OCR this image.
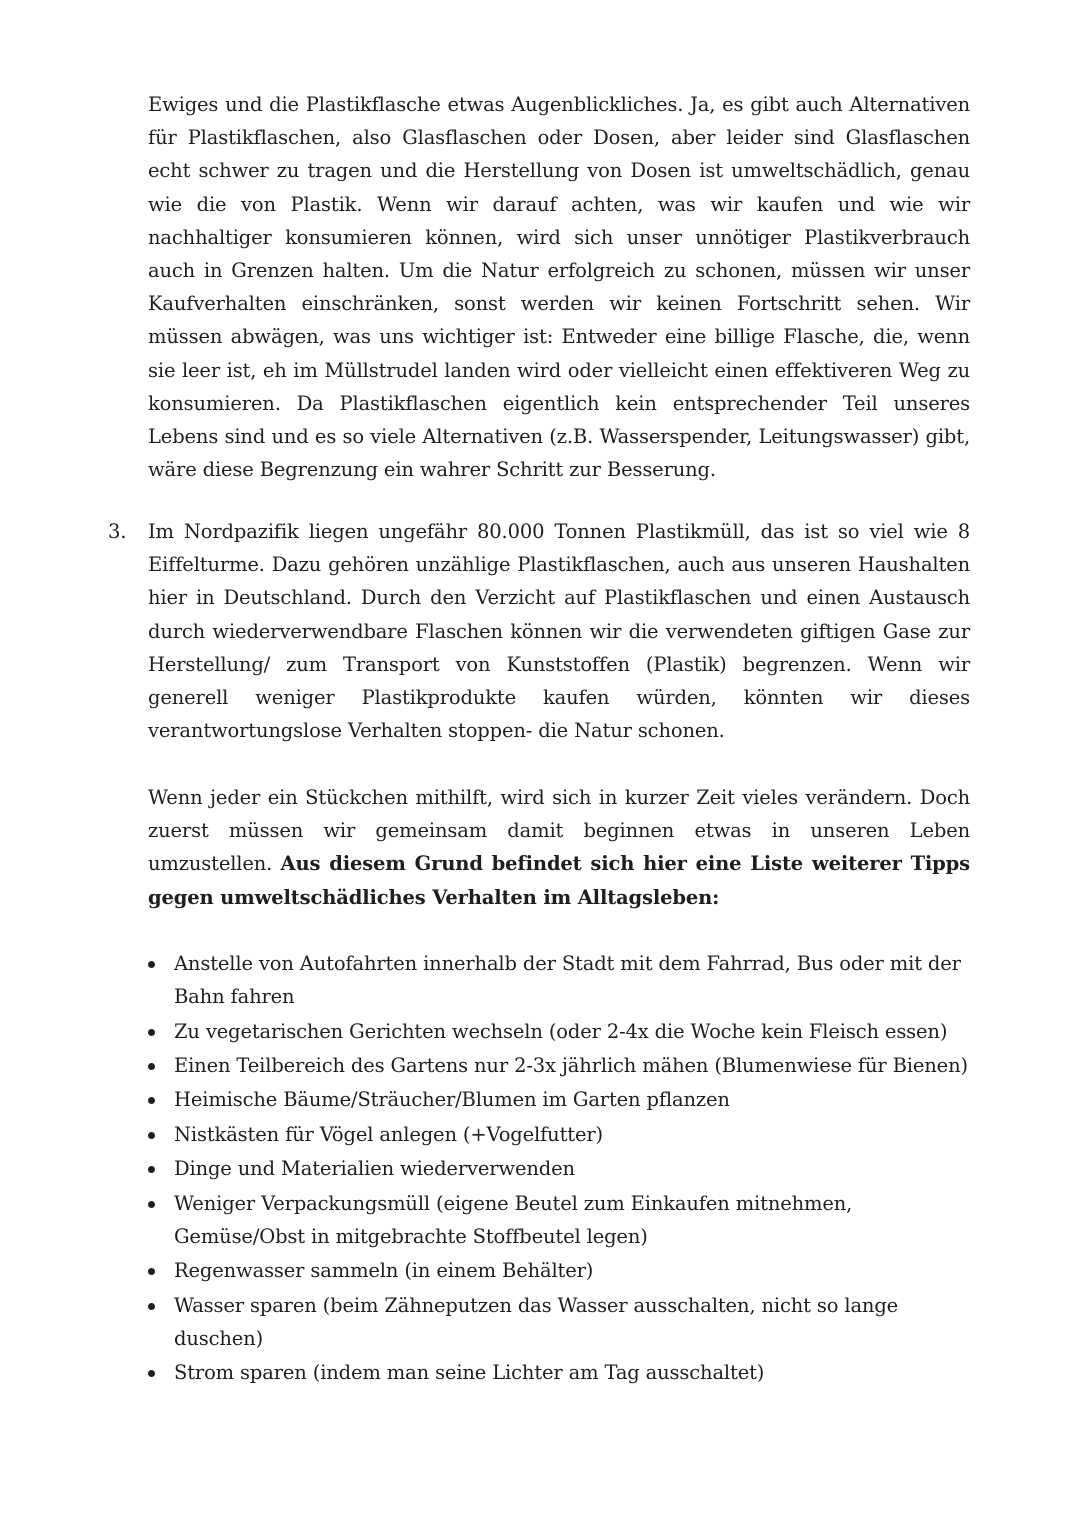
Ewiges und die Plastikflasche etwas Augenblickliches. Ja, es gibt auch Alternativen für Plastikflaschen, also Glasflaschen oder Dosen, aber leider sind Glasflaschen echt schwer zu tragen und die Herstellung von Dosen ist umweltschädlich, genau wie die von Plastik. Wenn wir darauf achten, was wir kaufen und wie wir nachhaltiger konsumieren können, wird sich unser unnötiger Plastikverbrauch auch in Grenzen halten. Um die Natur erfolgreich zu schonen, müssen wir unser Kaufverhalten einschränken, sonst werden wir keinen Fortschritt sehen. Wir müssen abwägen, was uns wichtiger ist: Entweder eine billige Flasche, die, wenn sie leer ist, eh im Müllstrudel landen wird oder vielleicht einen effektiveren Weg zu konsumieren. Da Plastikflaschen eigentlich kein entsprechender Teil unseres Lebens sind und es so viele Alternativen (z.B. Wasserspender, Leitungswasser) gibt, wäre diese Begrenzung ein wahrer Schritt zur Besserung.

3.	Im Nordpazifik liegen ungefähr 80.000 Tonnen Plastikmüll, das ist so viel wie 8 Eiffelturme. Dazu gehören unzählige Plastikflaschen, auch aus unseren Haushalten hier in Deutschland. Durch den Verzicht auf Plastikflaschen und einen Austausch durch wiederverwendbare Flaschen können wir die verwendeten giftigen Gase zur Herstellung/ zum Transport von Kunststoffen (Plastik) begrenzen. Wenn wir generell weniger Plastikprodukte kaufen würden, könnten wir dieses verantwortungslose Verhalten stoppen- die Natur schonen.

Wenn jeder ein Stückchen mithilft, wird sich in kurzer Zeit vieles verändern. Doch zuerst müssen wir gemeinsam damit beginnen etwas in unseren Leben umzustellen. Aus diesem Grund befindet sich hier eine Liste weiterer Tipps gegen umweltschädliches Verhalten im Alltagsleben:

Anstelle von Autofahrten innerhalb der Stadt mit dem Fahrrad, Bus oder mit der Bahn fahren
Zu vegetarischen Gerichten wechseln (oder 2-4x die Woche kein Fleisch essen)
Einen Teilbereich des Gartens nur 2-3x jährlich mähen (Blumenwiese für Bienen)
Heimische Bäume/Sträucher/Blumen im Garten pflanzen
Nistkästen für Vögel anlegen (+Vogelfutter)
Dinge und Materialien wiederverwenden
Weniger Verpackungsmüll (eigene Beutel zum Einkaufen mitnehmen, Gemüse/Obst in mitgebrachte Stoffbeutel legen)
Regenwasser sammeln (in einem Behälter)
Wasser sparen (beim Zähneputzen das Wasser ausschalten, nicht so lange duschen)
Strom sparen (indem man seine Lichter am Tag ausschaltet)
